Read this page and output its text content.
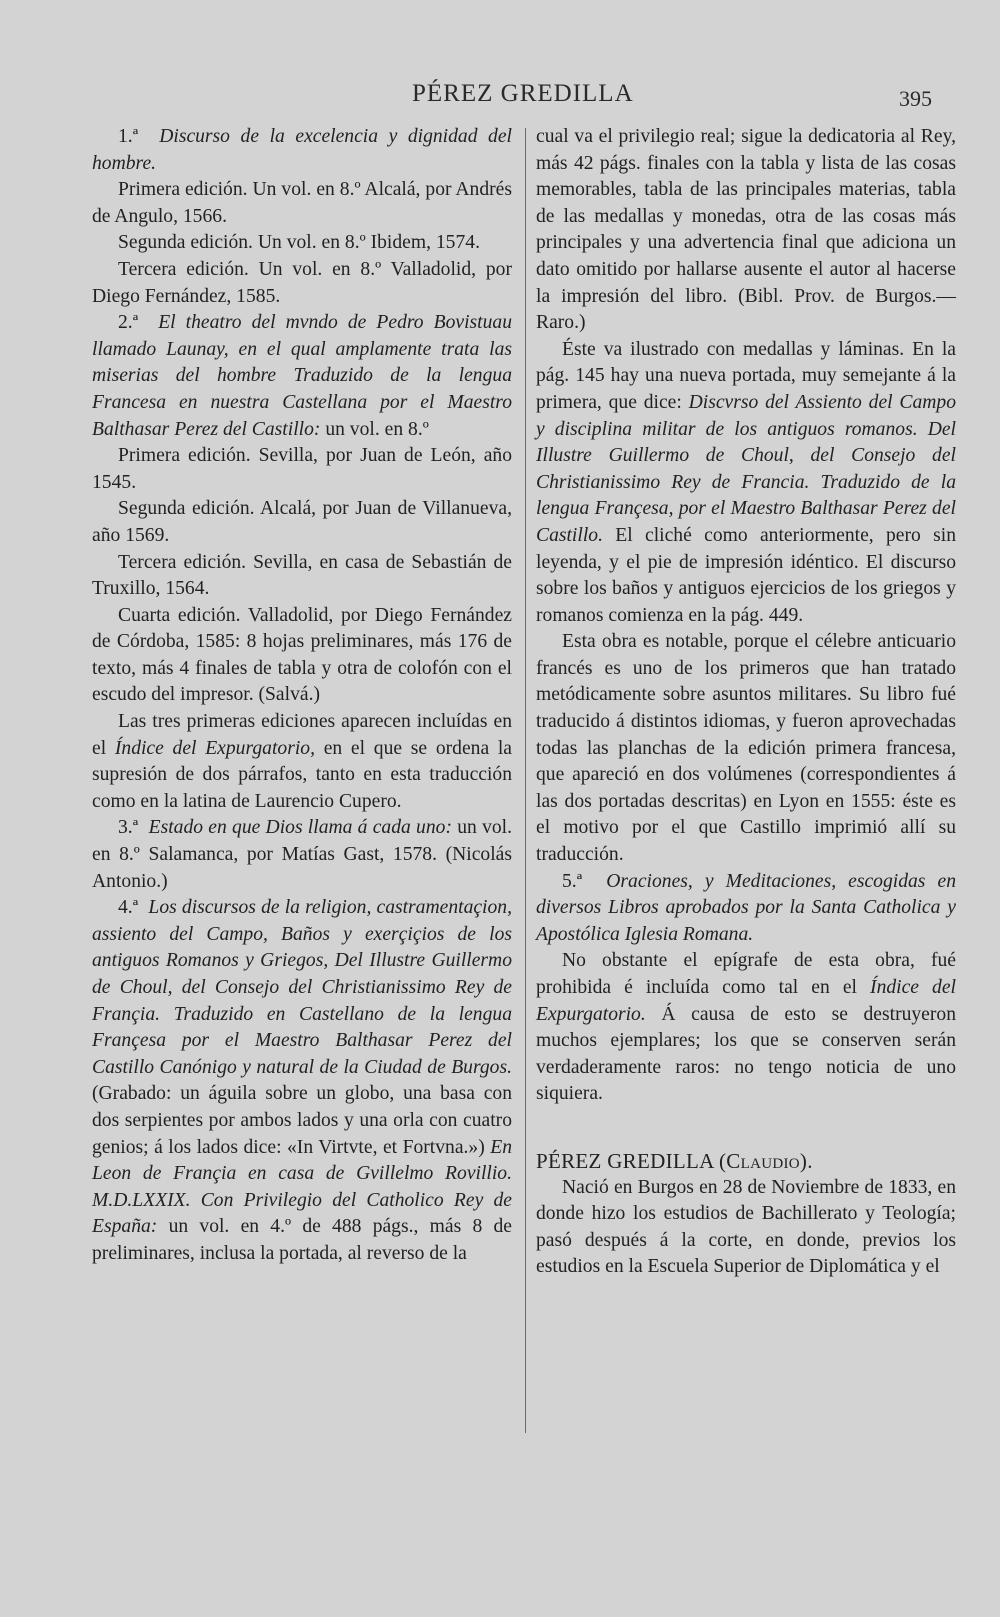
PÉREZ GREDILLA	395

1.ª Discurso de la excelencia y dignidad del hombre.

Primera edición. Un vol. en 8.º Alcalá, por Andrés de Angulo, 1566.

Segunda edición. Un vol. en 8.º Ibidem, 1574.

Tercera edición. Un vol. en 8.º Valladolid, por Diego Fernández, 1585.

2.ª El theatro del mvndo de Pedro Bovistuau llamado Launay, en el qual amplamente trata las miserias del hombre Traduzido de la lengua Francesa en nuestra Castellana por el Maestro Balthasar Perez del Castillo: un vol. en 8.º

Primera edición. Sevilla, por Juan de León, año 1545.

Segunda edición. Alcalá, por Juan de Villanueva, año 1569.

Tercera edición. Sevilla, en casa de Sebastián de Truxillo, 1564.

Cuarta edición. Valladolid, por Diego Fernández de Córdoba, 1585: 8 hojas preliminares, más 176 de texto, más 4 finales de tabla y otra de colofón con el escudo del impresor. (Salvá.)

Las tres primeras ediciones aparecen incluídas en el Índice del Expurgatorio, en el que se ordena la supresión de dos párrafos, tanto en esta traducción como en la latina de Laurencio Cupero.

3.ª Estado en que Dios llama á cada uno: un vol. en 8.º Salamanca, por Matías Gast, 1578. (Nicolás Antonio.)

4.ª Los discursos de la religion, castramentaçion, assiento del Campo, Baños y exerçiçios de los antiguos Romanos y Griegos, Del Illustre Guillermo de Choul, del Consejo del Christianissimo Rey de Françia. Traduzido en Castellano de la lengua Françesa por el Maestro Balthasar Perez del Castillo Canónigo y natural de la Ciudad de Burgos. (Grabado: un águila sobre un globo, una basa con dos serpientes por ambos lados y una orla con cuatro genios; á los lados dice: «In Virtvte, et Fortvna.») En Leon de Françia en casa de Gvillelmo Rovillio. M.D.LXXIX. Con Privilegio del Catholico Rey de España: un vol. en 4.º de 488 págs., más 8 de preliminares, inclusa la portada, al reverso de la

cual va el privilegio real; sigue la dedicatoria al Rey, más 42 págs. finales con la tabla y lista de las cosas memorables, tabla de las principales materias, tabla de las medallas y monedas, otra de las cosas más principales y una advertencia final que adiciona un dato omitido por hallarse ausente el autor al hacerse la impresión del libro. (Bibl. Prov. de Burgos.—Raro.)

Éste va ilustrado con medallas y láminas. En la pág. 145 hay una nueva portada, muy semejante á la primera, que dice: Discvrso del Assiento del Campo y disciplina militar de los antiguos romanos. Del Illustre Guillermo de Choul, del Consejo del Christianissimo Rey de Francia. Traduzido de la lengua Françesa, por el Maestro Balthasar Perez del Castillo. El cliché como anteriormente, pero sin leyenda, y el pie de impresión idéntico. El discurso sobre los baños y antiguos ejercicios de los griegos y romanos comienza en la pág. 449.

Esta obra es notable, porque el célebre anticuario francés es uno de los primeros que han tratado metódicamente sobre asuntos militares. Su libro fué traducido á distintos idiomas, y fueron aprovechadas todas las planchas de la edición primera francesa, que apareció en dos volúmenes (correspondientes á las dos portadas descritas) en Lyon en 1555: éste es el motivo por el que Castillo imprimió allí su traducción.

5.ª Oraciones, y Meditaciones, escogidas en diversos Libros aprobados por la Santa Catholica y Apostólica Iglesia Romana.

No obstante el epígrafe de esta obra, fué prohibida é incluída como tal en el Índice del Expurgatorio. Á causa de esto se destruyeron muchos ejemplares; los que se conserven serán verdaderamente raros: no tengo noticia de uno siquiera.

PÉREZ GREDILLA (Claudio).

Nació en Burgos en 28 de Noviembre de 1833, en donde hizo los estudios de Bachillerato y Teología; pasó después á la corte, en donde, previos los estudios en la Escuela Superior de Diplomática y el
